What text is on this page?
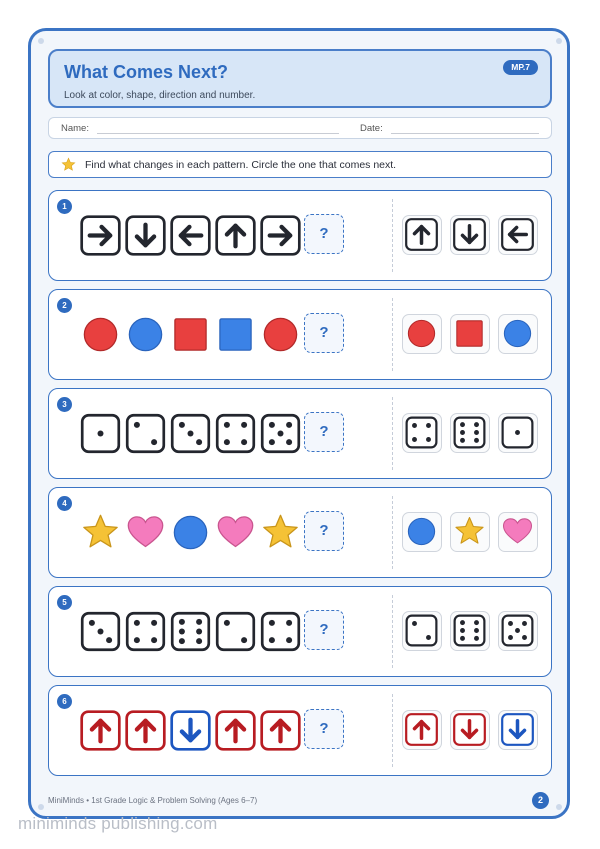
What Comes Next?
Look at color, shape, direction and number.
MP.7
Name:	Date:
Find what changes in each pattern. Circle the one that comes next.
1
?
2
?
3
?
4
?
5
?
6
?
MiniMinds • 1st Grade Logic & Problem Solving (Ages 6–7)	2
miniminds publishing.com
